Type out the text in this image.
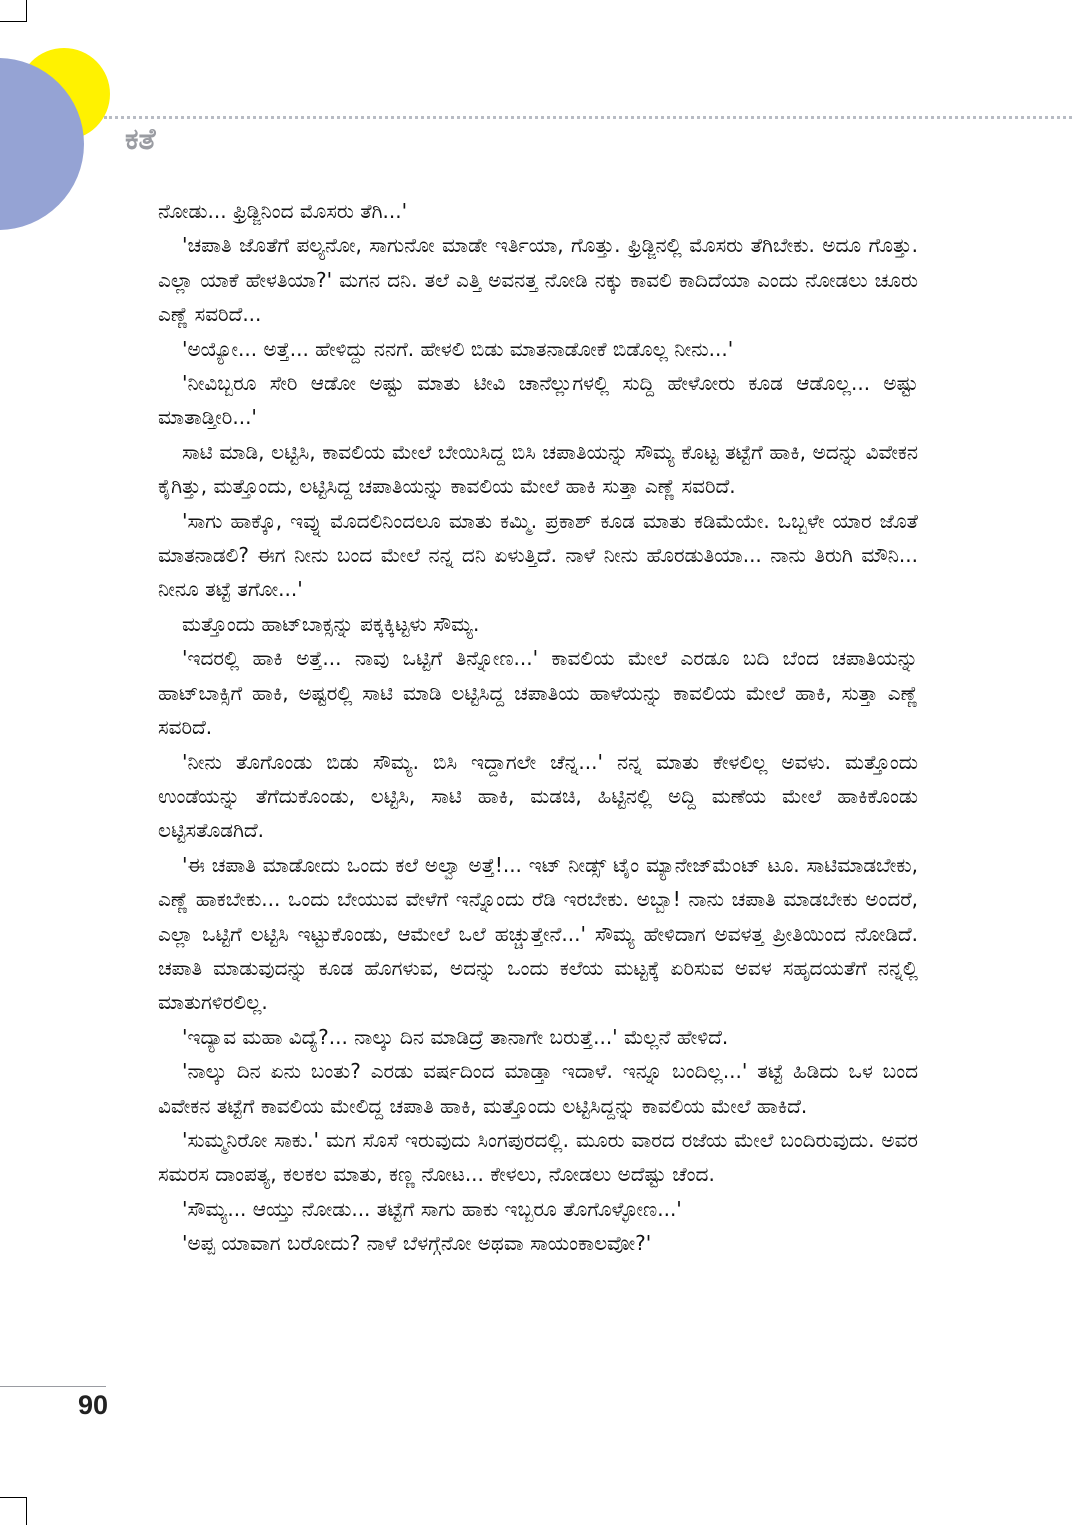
ಕತೆ

ನೋಡು... ಫ್ರಿಡ್ಜಿನಿಂದ ಮೊಸರು ತೆಗಿ...'

'ಚಪಾತಿ ಜೊತೆಗೆ ಪಲ್ಯನೋ, ಸಾಗುನೋ ಮಾಡೇ ಇರ್ತಿಯಾ, ಗೊತ್ತು. ಫ್ರಿಡ್ಜಿನಲ್ಲಿ ಮೊಸರು ತೆಗಿಬೇಕು. ಅದೂ ಗೊತ್ತು. ಎಲ್ಲಾ ಯಾಕೆ ಹೇಳತಿಯಾ?' ಮಗನ ದನಿ. ತಲೆ ಎತ್ತಿ ಅವನತ್ತ ನೋಡಿ ನಕ್ಕು ಕಾವಲಿ ಕಾದಿದೆಯಾ ಎಂದು ನೋಡಲು ಚೂರು ಎಣ್ಣೆ ಸವರಿದೆ...

'ಅಯ್ಯೋ... ಅತ್ತೆ... ಹೇಳಿದ್ದು ನನಗೆ. ಹೇಳಲಿ ಬಿಡು ಮಾತನಾಡೋಕೆ ಬಿಡೊಲ್ಲ ನೀನು...'

'ನೀವಿಬ್ಬರೂ ಸೇರಿ ಆಡೋ ಅಷ್ಟು ಮಾತು ಟೀವಿ ಚಾನೆಲ್ಲುಗಳಲ್ಲಿ ಸುದ್ದಿ ಹೇಳೋರು ಕೂಡ ಆಡೊಲ್ಲ... ಅಷ್ಟು ಮಾತಾಡ್ತೀರಿ...'

ಸಾಟಿ ಮಾಡಿ, ಲಟ್ಟಿಸಿ, ಕಾವಲಿಯ ಮೇಲೆ ಬೇಯಿಸಿದ್ದ ಬಿಸಿ ಚಪಾತಿಯನ್ನು ಸೌಮ್ಯ ಕೊಟ್ಟ ತಟ್ಟೆಗೆ ಹಾಕಿ, ಅದನ್ನು ವಿವೇಕನ ಕೈಗಿತ್ತು, ಮತ್ತೊಂದು, ಲಟ್ಟಿಸಿದ್ದ ಚಪಾತಿಯನ್ನು ಕಾವಲಿಯ ಮೇಲೆ ಹಾಕಿ ಸುತ್ತಾ ಎಣ್ಣೆ ಸವರಿದೆ.

'ಸಾಗು ಹಾಕ್ಕೊ, ಇವ್ನು ಮೊದಲಿನಿಂದಲೂ ಮಾತು ಕಮ್ಮಿ. ಪ್ರಕಾಶ್ ಕೂಡ ಮಾತು ಕಡಿಮೆಯೇ. ಒಬ್ಬಳೇ ಯಾರ ಜೊತೆ ಮಾತನಾಡಲಿ? ಈಗ ನೀನು ಬಂದ ಮೇಲೆ ನನ್ನ ದನಿ ಏಳುತ್ತಿದೆ. ನಾಳೆ ನೀನು ಹೊರಡುತಿಯಾ... ನಾನು ತಿರುಗಿ ಮೌನಿ... ನೀನೂ ತಟ್ಟೆ ತಗೋ...'

ಮತ್ತೊಂದು ಹಾಟ್‌ಬಾಕ್ಸನ್ನು ಪಕ್ಕಕ್ಕಿಟ್ಟಳು ಸೌಮ್ಯ.

'ಇದರಲ್ಲಿ ಹಾಕಿ ಅತ್ತೆ... ನಾವು ಒಟ್ಟಿಗೆ ತಿನ್ನೋಣ...' ಕಾವಲಿಯ ಮೇಲೆ ಎರಡೂ ಬದಿ ಬೆಂದ ಚಪಾತಿಯನ್ನು ಹಾಟ್‌ಬಾಕ್ಸಿಗೆ ಹಾಕಿ, ಅಷ್ಟರಲ್ಲಿ ಸಾಟಿ ಮಾಡಿ ಲಟ್ಟಿಸಿದ್ದ ಚಪಾತಿಯ ಹಾಳೆಯನ್ನು ಕಾವಲಿಯ ಮೇಲೆ ಹಾಕಿ, ಸುತ್ತಾ ಎಣ್ಣೆ ಸವರಿದೆ.

'ನೀನು ತೊಗೊಂಡು ಬಿಡು ಸೌಮ್ಯ. ಬಿಸಿ ಇದ್ದಾಗಲೇ ಚೆನ್ನ...' ನನ್ನ ಮಾತು ಕೇಳಲಿಲ್ಲ ಅವಳು. ಮತ್ತೊಂದು ಉಂಡೆಯನ್ನು ತೆಗೆದುಕೊಂಡು, ಲಟ್ಟಿಸಿ, ಸಾಟಿ ಹಾಕಿ, ಮಡಚಿ, ಹಿಟ್ಟಿನಲ್ಲಿ ಅದ್ದಿ ಮಣೆಯ ಮೇಲೆ ಹಾಕಿಕೊಂಡು ಲಟ್ಟಿಸತೊಡಗಿದೆ.

'ಈ ಚಪಾತಿ ಮಾಡೋದು ಒಂದು ಕಲೆ ಅಲ್ವಾ ಅತ್ತೆ!... ಇಟ್ ನೀಡ್ಸ್ ಟೈಂ ಮ್ಯಾನೇಜ್‌ಮೆಂಟ್ ಟೂ. ಸಾಟಿಮಾಡಬೇಕು, ಎಣ್ಣೆ ಹಾಕಬೇಕು... ಒಂದು ಬೇಯುವ ವೇಳೆಗೆ ಇನ್ನೊಂದು ರೆಡಿ ಇರಬೇಕು. ಅಬ್ಬಾ! ನಾನು ಚಪಾತಿ ಮಾಡಬೇಕು ಅಂದರೆ, ಎಲ್ಲಾ ಒಟ್ಟಿಗೆ ಲಟ್ಟಿಸಿ ಇಟ್ಟುಕೊಂಡು, ಆಮೇಲೆ ಒಲೆ ಹಚ್ಚುತ್ತೇನೆ...' ಸೌಮ್ಯ ಹೇಳಿದಾಗ ಅವಳತ್ತ ಪ್ರೀತಿಯಿಂದ ನೋಡಿದೆ. ಚಪಾತಿ ಮಾಡುವುದನ್ನು ಕೂಡ ಹೊಗಳುವ, ಅದನ್ನು ಒಂದು ಕಲೆಯ ಮಟ್ಟಕ್ಕೆ ಏರಿಸುವ ಅವಳ ಸಹೃದಯತೆಗೆ ನನ್ನಲ್ಲಿ ಮಾತುಗಳಿರಲಿಲ್ಲ.

'ಇದ್ಯಾವ ಮಹಾ ವಿದ್ಯೆ?... ನಾಲ್ಕು ದಿನ ಮಾಡಿದ್ರೆ ತಾನಾಗೇ ಬರುತ್ತೆ...' ಮೆಲ್ಲನೆ ಹೇಳಿದೆ.

'ನಾಲ್ಕು ದಿನ ಏನು ಬಂತು? ಎರಡು ವರ್ಷದಿಂದ ಮಾಡ್ತಾ ಇದಾಳೆ. ಇನ್ನೂ ಬಂದಿಲ್ಲ...' ತಟ್ಟೆ ಹಿಡಿದು ಒಳ ಬಂದ ವಿವೇಕನ ತಟ್ಟೆಗೆ ಕಾವಲಿಯ ಮೇಲಿದ್ದ ಚಪಾತಿ ಹಾಕಿ, ಮತ್ತೊಂದು ಲಟ್ಟಿಸಿದ್ದನ್ನು ಕಾವಲಿಯ ಮೇಲೆ ಹಾಕಿದೆ.

'ಸುಮ್ಮನಿರೋ ಸಾಕು.' ಮಗ ಸೊಸೆ ಇರುವುದು ಸಿಂಗಪುರದಲ್ಲಿ. ಮೂರು ವಾರದ ರಜೆಯ ಮೇಲೆ ಬಂದಿರುವುದು. ಅವರ ಸಮರಸ ದಾಂಪತ್ಯ, ಕಲಕಲ ಮಾತು, ಕಣ್ಣ ನೋಟ... ಕೇಳಲು, ನೋಡಲು ಅದೆಷ್ಟು ಚೆಂದ.

'ಸೌಮ್ಯ... ಆಯ್ತು ನೋಡು... ತಟ್ಟೆಗೆ ಸಾಗು ಹಾಕು ಇಬ್ಬರೂ ತೊಗೊಳ್ಳೋಣ...'

'ಅಪ್ಪ ಯಾವಾಗ ಬರೋದು? ನಾಳೆ ಬೆಳಗ್ಗೆನೋ ಅಥವಾ ಸಾಯಂಕಾಲವೋ?'

90
